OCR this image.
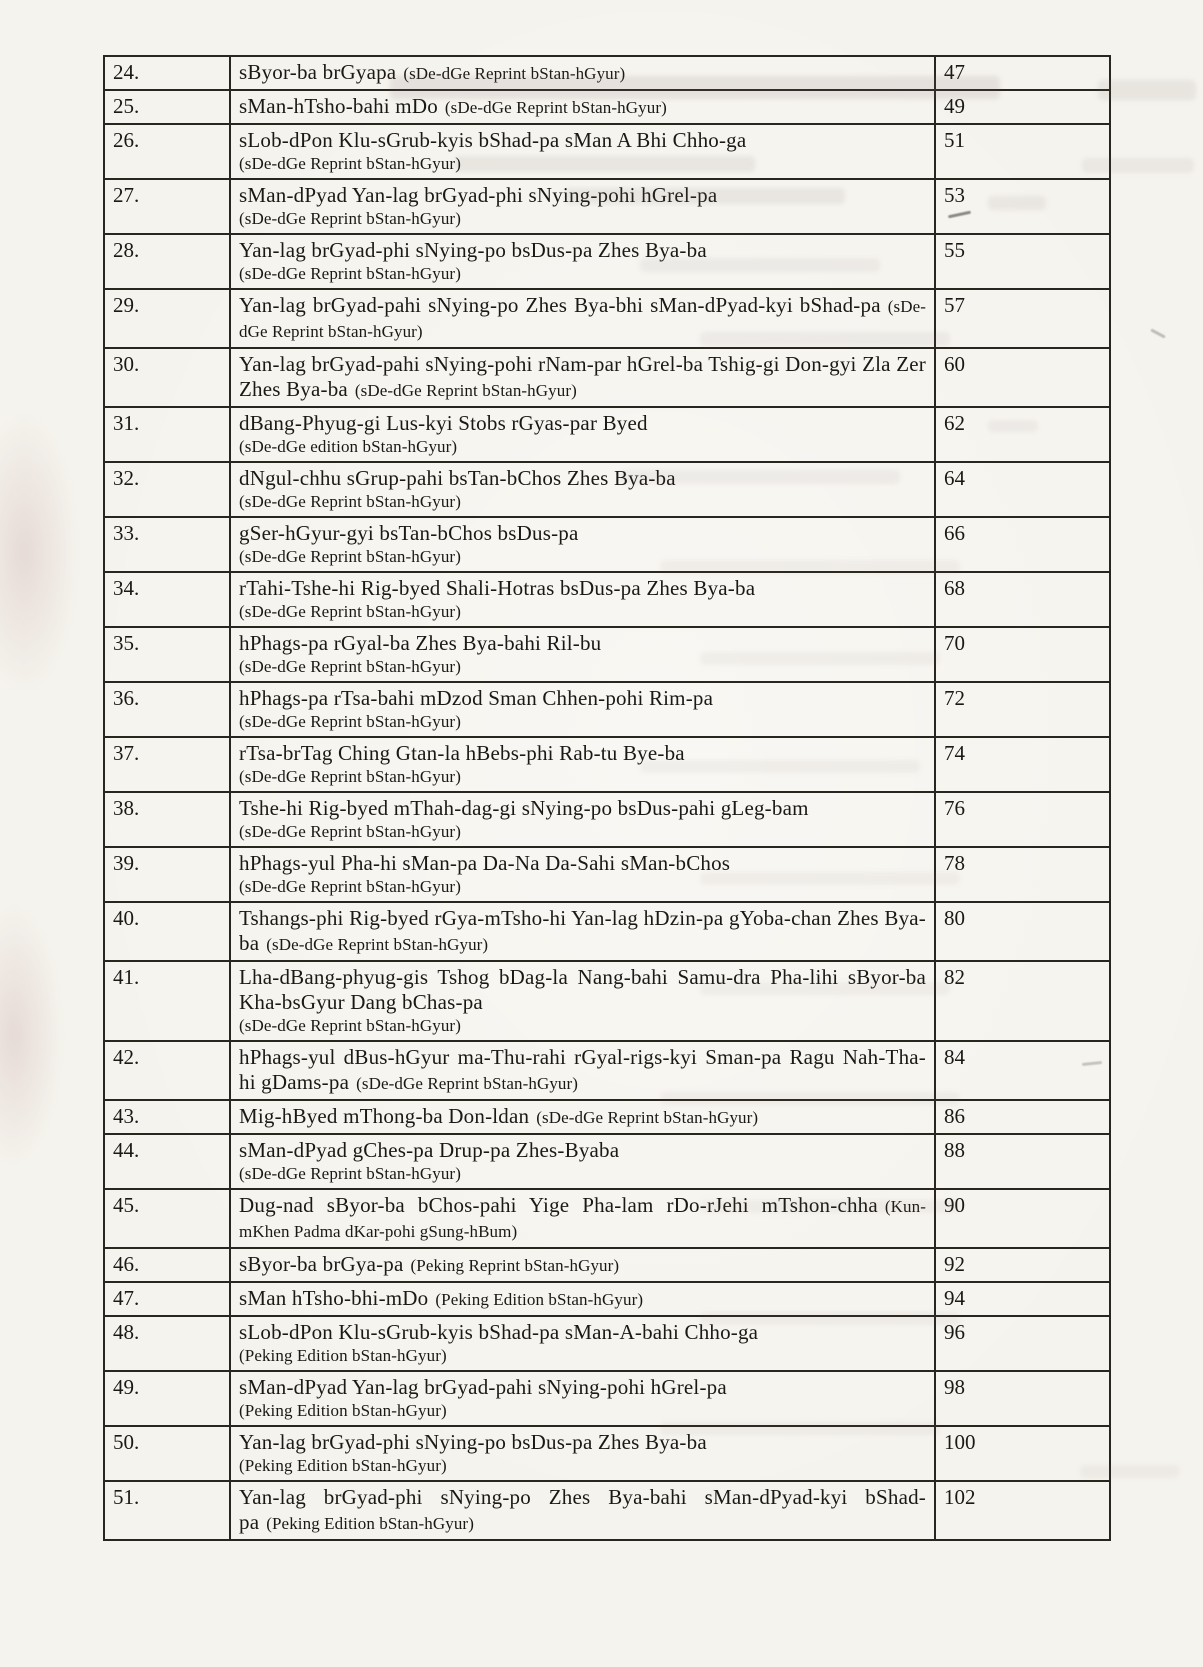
24.	sByor-ba brGyapa (sDe-dGe Reprint bStan-hGyur)	47
25.	sMan-hTsho-bahi mDo (sDe-dGe Reprint bStan-hGyur)	49
26.	sLob-dPon Klu-sGrub-kyis bShad-pa sMan A Bhi Chho-ga
(sDe-dGe Reprint bStan-hGyur)	51
27.	sMan-dPyad Yan-lag brGyad-phi sNying-pohi hGrel-pa
(sDe-dGe Reprint bStan-hGyur)	53
28.	Yan-lag brGyad-phi sNying-po bsDus-pa Zhes Bya-ba
(sDe-dGe Reprint bStan-hGyur)	55
29.	Yan-lag brGyad-pahi sNying-po Zhes Bya-bhi sMan-dPyad-kyi bShad-pa (sDe-dGe Reprint bStan-hGyur)	57
30.	Yan-lag brGyad-pahi sNying-pohi rNam-par hGrel-ba Tshig-gi Don-gyi Zla Zer Zhes Bya-ba (sDe-dGe Reprint bStan-hGyur)	60
31.	dBang-Phyug-gi Lus-kyi Stobs rGyas-par Byed
(sDe-dGe edition bStan-hGyur)	62
32.	dNgul-chhu sGrup-pahi bsTan-bChos Zhes Bya-ba
(sDe-dGe Reprint bStan-hGyur)	64
33.	gSer-hGyur-gyi bsTan-bChos bsDus-pa
(sDe-dGe Reprint bStan-hGyur)	66
34.	rTahi-Tshe-hi Rig-byed Shali-Hotras bsDus-pa Zhes Bya-ba
(sDe-dGe Reprint bStan-hGyur)	68
35.	hPhags-pa rGyal-ba Zhes Bya-bahi Ril-bu
(sDe-dGe Reprint bStan-hGyur)	70
36.	hPhags-pa rTsa-bahi mDzod Sman Chhen-pohi Rim-pa
(sDe-dGe Reprint bStan-hGyur)	72
37.	rTsa-brTag Ching Gtan-la hBebs-phi Rab-tu Bye-ba
(sDe-dGe Reprint bStan-hGyur)	74
38.	Tshe-hi Rig-byed mThah-dag-gi sNying-po bsDus-pahi gLeg-bam
(sDe-dGe Reprint bStan-hGyur)	76
39.	hPhags-yul Pha-hi sMan-pa Da-Na Da-Sahi sMan-bChos
(sDe-dGe Reprint bStan-hGyur)	78
40.	Tshangs-phi Rig-byed rGya-mTsho-hi Yan-lag hDzin-pa gYoba-chan Zhes Bya-ba (sDe-dGe Reprint bStan-hGyur)	80
41.	Lha-dBang-phyug-gis Tshog bDag-la Nang-bahi Samu-dra Pha-lihi sByor-ba Kha-bsGyur Dang bChas-pa
(sDe-dGe Reprint bStan-hGyur)	82
42.	hPhags-yul dBus-hGyur ma-Thu-rahi rGyal-rigs-kyi Sman-pa Ragu Nah-Tha-hi gDams-pa (sDe-dGe Reprint bStan-hGyur)	84
43.	Mig-hByed mThong-ba Don-ldan (sDe-dGe Reprint bStan-hGyur)	86
44.	sMan-dPyad gChes-pa Drup-pa Zhes-Byaba
(sDe-dGe Reprint bStan-hGyur)	88
45.	Dug-nad sByor-ba bChos-pahi Yige Pha-lam rDo-rJehi mTshon-chha (Kun-mKhen Padma dKar-pohi gSung-hBum)	90
46.	sByor-ba brGya-pa (Peking Reprint bStan-hGyur)	92
47.	sMan hTsho-bhi-mDo (Peking Edition bStan-hGyur)	94
48.	sLob-dPon Klu-sGrub-kyis bShad-pa sMan-A-bahi Chho-ga
(Peking Edition bStan-hGyur)	96
49.	sMan-dPyad Yan-lag brGyad-pahi sNying-pohi hGrel-pa
(Peking Edition bStan-hGyur)	98
50.	Yan-lag brGyad-phi sNying-po bsDus-pa Zhes Bya-ba
(Peking Edition bStan-hGyur)	100
51.	Yan-lag brGyad-phi sNying-po Zhes Bya-bahi sMan-dPyad-kyi bShad-pa (Peking Edition bStan-hGyur)	102
